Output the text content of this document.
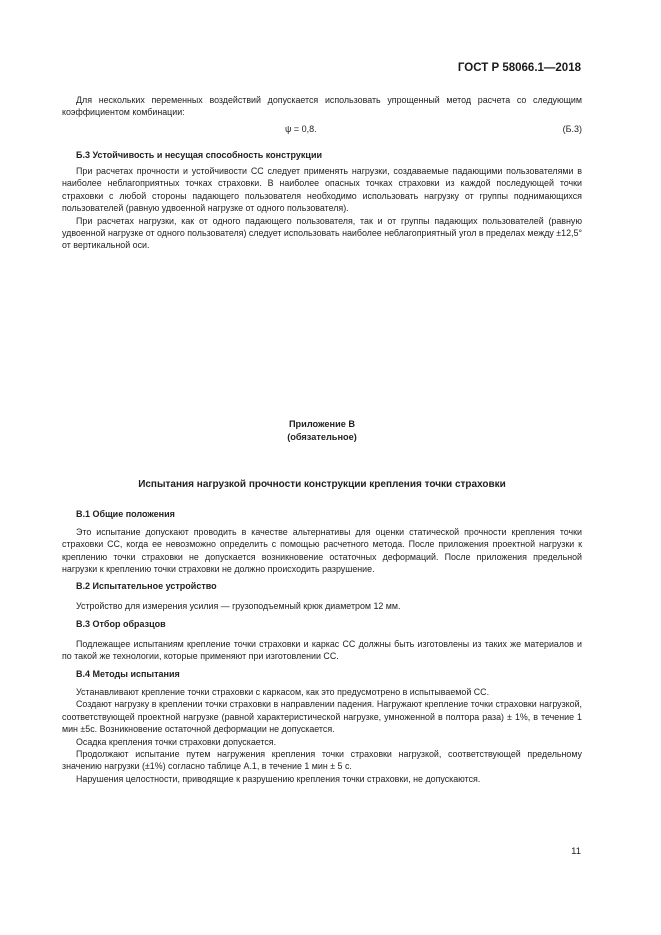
ГОСТ Р 58066.1—2018

Для нескольких переменных воздействий допускается использовать упрощенный метод расчета со следующим коэффициентом комбинации:

ψ = 0,8.	(Б.3)

Б.3 Устойчивость и несущая способность конструкции

При расчетах прочности и устойчивости СС следует применять нагрузки, создаваемые падающими пользователями в наиболее неблагоприятных точках страховки. В наиболее опасных точках страховки из каждой последующей точки страховки с любой стороны падающего пользователя необходимо использовать нагрузку от группы поднимающихся пользователей (равную удвоенной нагрузке от одного пользователя).

При расчетах нагрузки, как от одного падающего пользователя, так и от группы падающих пользователей (равную удвоенной нагрузке от одного пользователя) следует использовать наиболее неблагоприятный угол в пределах между ±12,5° от вертикальной оси.

Приложение В
(обязательное)
Испытания нагрузкой прочности конструкции крепления точки страховки

В.1 Общие положения

Это испытание допускают проводить в качестве альтернативы для оценки статической прочности крепления точки страховки СС, когда ее невозможно определить с помощью расчетного метода. После приложения проектной нагрузки к креплению точки страховки не допускается возникновение остаточных деформаций. После приложения предельной нагрузки к креплению точки страховки не должно происходить разрушение.

В.2 Испытательное устройство

Устройство для измерения усилия — грузоподъемный крюк диаметром 12 мм.

В.3 Отбор образцов

Подлежащее испытаниям крепление точки страховки и каркас СС должны быть изготовлены из таких же материалов и по такой же технологии, которые применяют при изготовлении СС.

В.4 Методы испытания

Устанавливают крепление точки страховки с каркасом, как это предусмотрено в испытываемой СС.

Создают нагрузку в креплении точки страховки в направлении падения. Нагружают крепление точки страховки нагрузкой, соответствующей проектной нагрузке (равной характеристической нагрузке, умноженной в полтора раза) ± 1%, в течение 1 мин ±5с. Возникновение остаточной деформации не допускается.

Осадка крепления точки страховки допускается.

Продолжают испытание путем нагружения крепления точки страховки нагрузкой, соответствующей предельному значению нагрузки (±1%) согласно таблице А.1, в течение 1 мин ± 5 с.

Нарушения целостности, приводящие к разрушению крепления точки страховки, не допускаются.

11
